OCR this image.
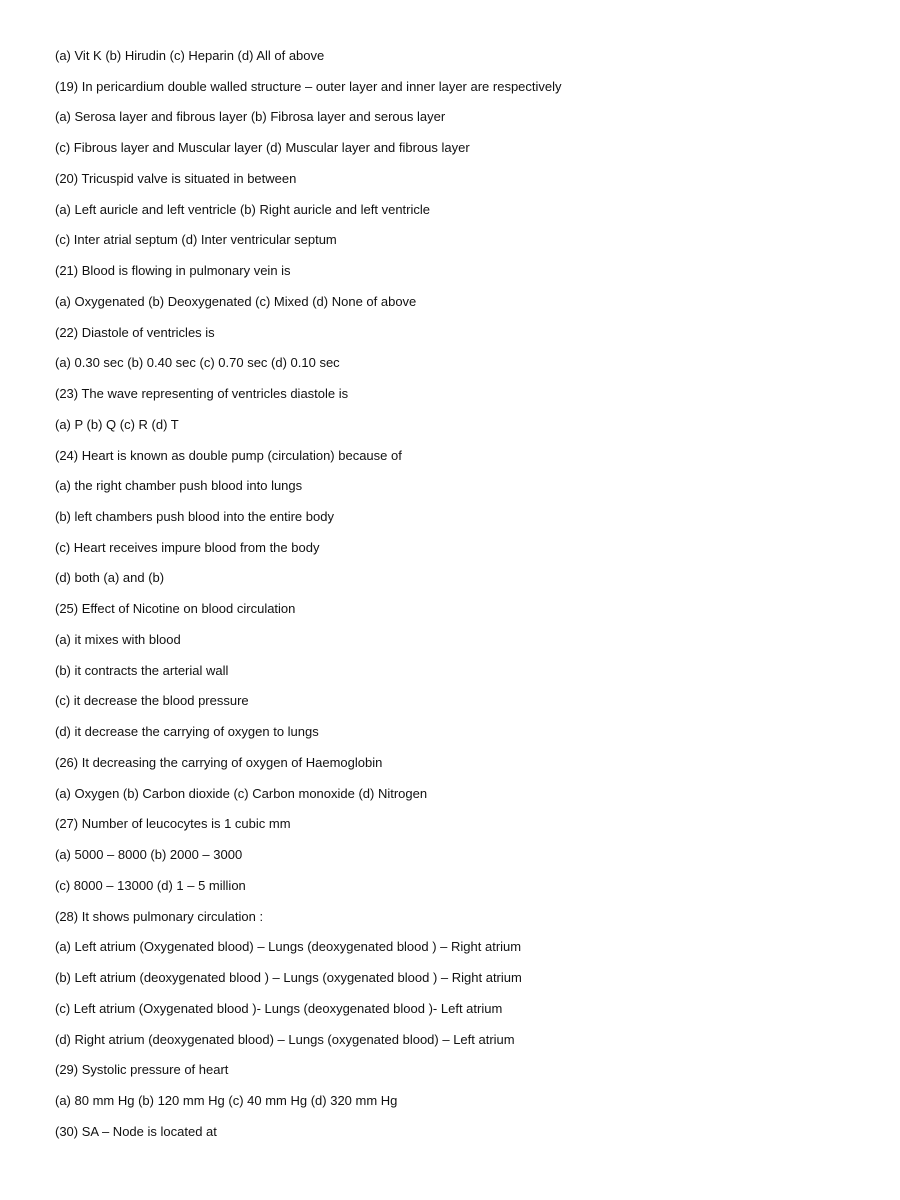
(a) Vit K (b) Hirudin (c) Heparin (d) All of above
(19) In pericardium double walled structure – outer layer and inner layer are respectively
(a) Serosa layer and fibrous layer (b) Fibrosa layer and serous layer
(c) Fibrous layer and Muscular layer (d) Muscular layer and fibrous layer
(20) Tricuspid valve is situated in between
(a) Left auricle and left ventricle (b) Right auricle and left ventricle
(c) Inter atrial septum (d) Inter ventricular septum
(21) Blood is flowing in pulmonary vein is
(a) Oxygenated (b) Deoxygenated (c) Mixed (d) None of above
(22) Diastole of ventricles is
(a) 0.30 sec (b) 0.40 sec (c) 0.70 sec (d) 0.10 sec
(23) The wave representing of ventricles diastole is
(a) P (b) Q (c) R (d) T
(24) Heart is known as double pump (circulation) because of
(a) the right chamber push blood into lungs
(b) left chambers push blood into the entire body
(c) Heart receives impure blood from the body
(d) both (a) and (b)
(25) Effect of Nicotine on blood circulation
(a) it mixes with blood
(b) it contracts the arterial wall
(c) it decrease the blood pressure
(d) it decrease the carrying of oxygen to lungs
(26) It decreasing the carrying of oxygen of Haemoglobin
(a) Oxygen (b) Carbon dioxide (c) Carbon monoxide (d) Nitrogen
(27) Number of leucocytes is 1 cubic mm
(a) 5000 – 8000 (b) 2000 – 3000
(c) 8000 – 13000 (d) 1 – 5 million
(28) It shows pulmonary circulation :
(a) Left atrium (Oxygenated blood) – Lungs (deoxygenated blood ) – Right atrium
(b) Left atrium (deoxygenated blood ) – Lungs (oxygenated blood ) – Right atrium
(c) Left atrium (Oxygenated blood )- Lungs (deoxygenated blood )- Left atrium
(d) Right atrium (deoxygenated blood) – Lungs (oxygenated blood) – Left atrium
(29) Systolic pressure of heart
(a) 80 mm Hg (b) 120 mm Hg (c) 40 mm Hg (d) 320 mm Hg
(30) SA – Node is located at
